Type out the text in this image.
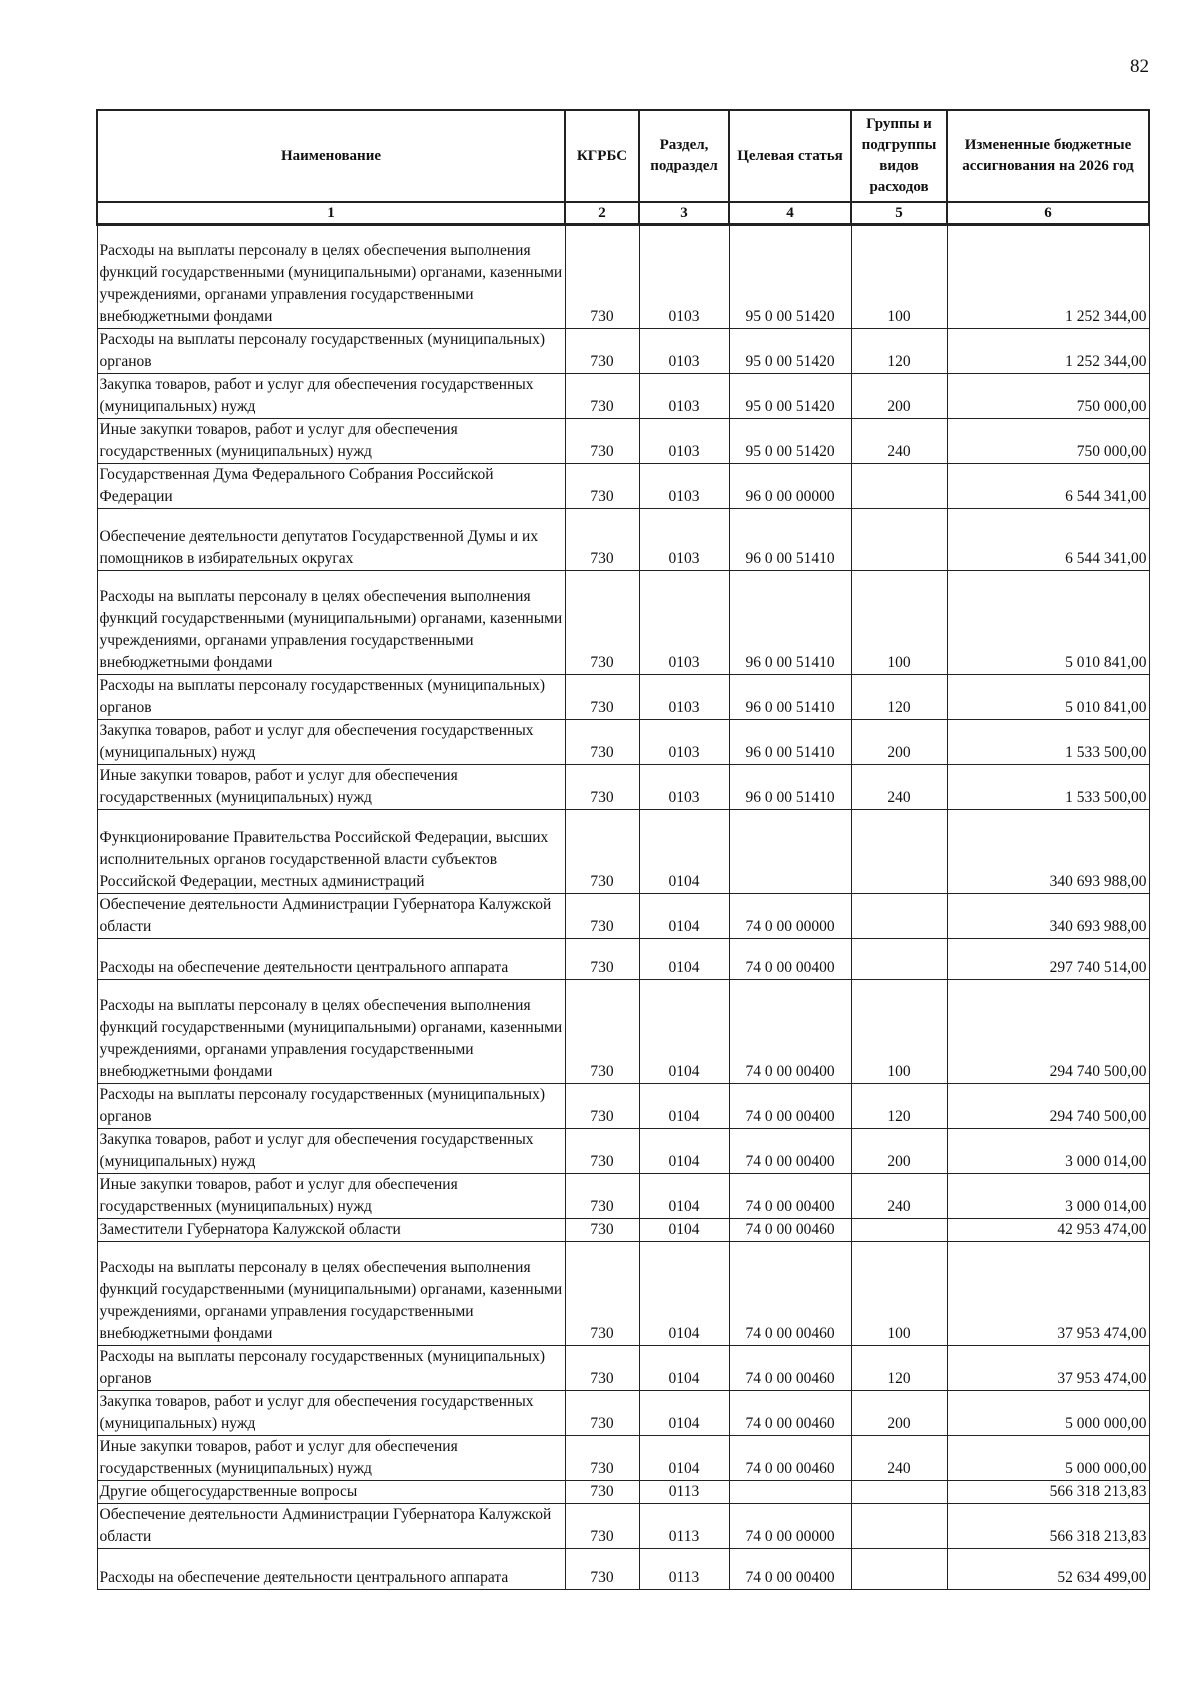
82
Наименование	КГРБС	Раздел, подраздел	Целевая статья	Группы и подгруппы видов расходов	Измененные бюджетные ассигнования на 2026 год
1	2	3	4	5	6
Расходы на выплаты персоналу в целях обеспечения выполнения функций государственными (муниципальными) органами, казенными учреждениями, органами управления государственными внебюджетными фондами	730	0103	95 0 00 51420	100	1 252 344,00
Расходы на выплаты персоналу государственных (муниципальных) органов	730	0103	95 0 00 51420	120	1 252 344,00
Закупка товаров, работ и услуг для обеспечения государственных (муниципальных) нужд	730	0103	95 0 00 51420	200	750 000,00
Иные закупки товаров, работ и услуг для обеспечения государственных (муниципальных) нужд	730	0103	95 0 00 51420	240	750 000,00
Государственная Дума Федерального Собрания Российской Федерации	730	0103	96 0 00 00000		6 544 341,00
Обеспечение деятельности депутатов Государственной Думы и их помощников в избирательных округах	730	0103	96 0 00 51410		6 544 341,00
Расходы на выплаты персоналу в целях обеспечения выполнения функций государственными (муниципальными) органами, казенными учреждениями, органами управления государственными внебюджетными фондами	730	0103	96 0 00 51410	100	5 010 841,00
Расходы на выплаты персоналу государственных (муниципальных) органов	730	0103	96 0 00 51410	120	5 010 841,00
Закупка товаров, работ и услуг для обеспечения государственных (муниципальных) нужд	730	0103	96 0 00 51410	200	1 533 500,00
Иные закупки товаров, работ и услуг для обеспечения государственных (муниципальных) нужд	730	0103	96 0 00 51410	240	1 533 500,00
Функционирование Правительства Российской Федерации, высших исполнительных органов государственной власти субъектов Российской Федерации, местных администраций	730	0104			340 693 988,00
Обеспечение деятельности Администрации Губернатора Калужской области	730	0104	74 0 00 00000		340 693 988,00
Расходы на обеспечение деятельности центрального аппарата	730	0104	74 0 00 00400		297 740 514,00
Расходы на выплаты персоналу в целях обеспечения выполнения функций государственными (муниципальными) органами, казенными учреждениями, органами управления государственными внебюджетными фондами	730	0104	74 0 00 00400	100	294 740 500,00
Расходы на выплаты персоналу государственных (муниципальных) органов	730	0104	74 0 00 00400	120	294 740 500,00
Закупка товаров, работ и услуг для обеспечения государственных (муниципальных) нужд	730	0104	74 0 00 00400	200	3 000 014,00
Иные закупки товаров, работ и услуг для обеспечения государственных (муниципальных) нужд	730	0104	74 0 00 00400	240	3 000 014,00
Заместители Губернатора Калужской области	730	0104	74 0 00 00460		42 953 474,00
Расходы на выплаты персоналу в целях обеспечения выполнения функций государственными (муниципальными) органами, казенными учреждениями, органами управления государственными внебюджетными фондами	730	0104	74 0 00 00460	100	37 953 474,00
Расходы на выплаты персоналу государственных (муниципальных) органов	730	0104	74 0 00 00460	120	37 953 474,00
Закупка товаров, работ и услуг для обеспечения государственных (муниципальных) нужд	730	0104	74 0 00 00460	200	5 000 000,00
Иные закупки товаров, работ и услуг для обеспечения государственных (муниципальных) нужд	730	0104	74 0 00 00460	240	5 000 000,00
Другие общегосударственные вопросы	730	0113			566 318 213,83
Обеспечение деятельности Администрации Губернатора Калужской области	730	0113	74 0 00 00000		566 318 213,83
Расходы на обеспечение деятельности центрального аппарата	730	0113	74 0 00 00400		52 634 499,00
